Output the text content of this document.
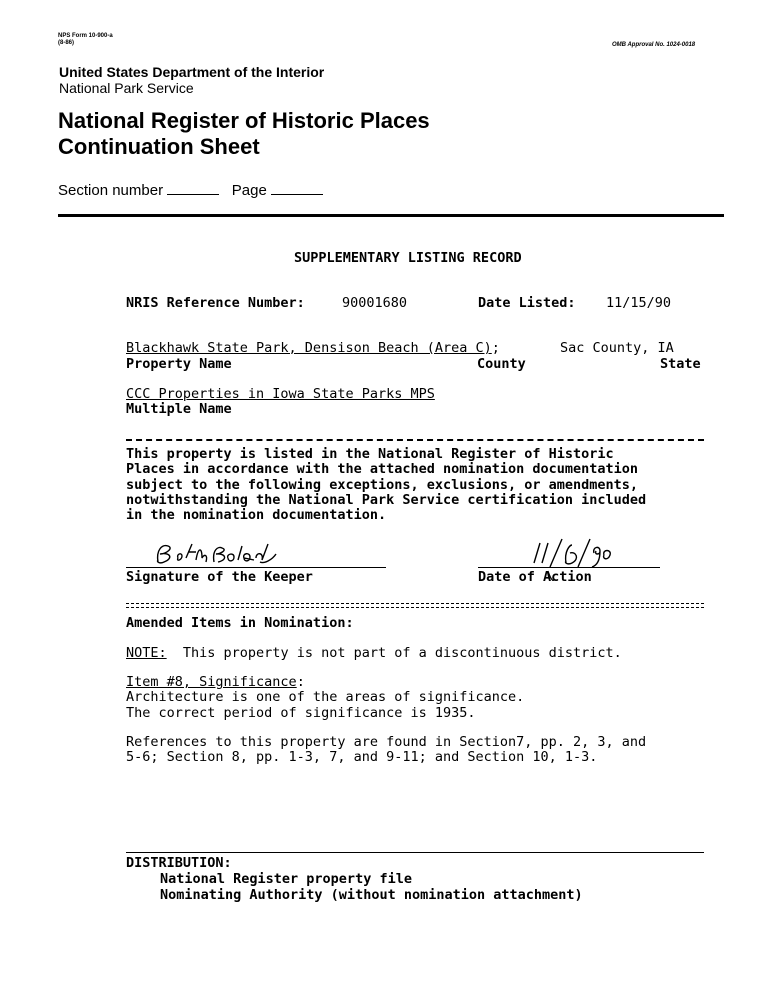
NPS Form 10-900-a
(8-86)	OMB Approval No. 1024-0018
United States Department of the Interior
National Park Service
National Register of Historic Places
Continuation Sheet
Section number	Page
SUPPLEMENTARY LISTING RECORD
NRIS Reference Number:	90001680	Date Listed: 11/15/90
Blackhawk State Park, Densison Beach (Area C);	Sac County, IA
Property Name	County	State
CCC Properties in Iowa State Parks MPS
Multiple Name
This property is listed in the National Register of Historic
Places in accordance with the attached nomination documentation
subject to the following exceptions, exclusions, or amendments,
notwithstanding the National Park Service certification included
in the nomination documentation.
Signature of the Keeper	Date of Action
Amended Items in Nomination:
NOTE: This property is not part of a discontinuous district.
Item #8, Significance:
Architecture is one of the areas of significance.
The correct period of significance is 1935.
References to this property are found in Section7, pp. 2, 3, and
5-6; Section 8, pp. 1-3, 7, and 9-11; and Section 10, 1-3.
DISTRIBUTION:
National Register property file
Nominating Authority (without nomination attachment)
